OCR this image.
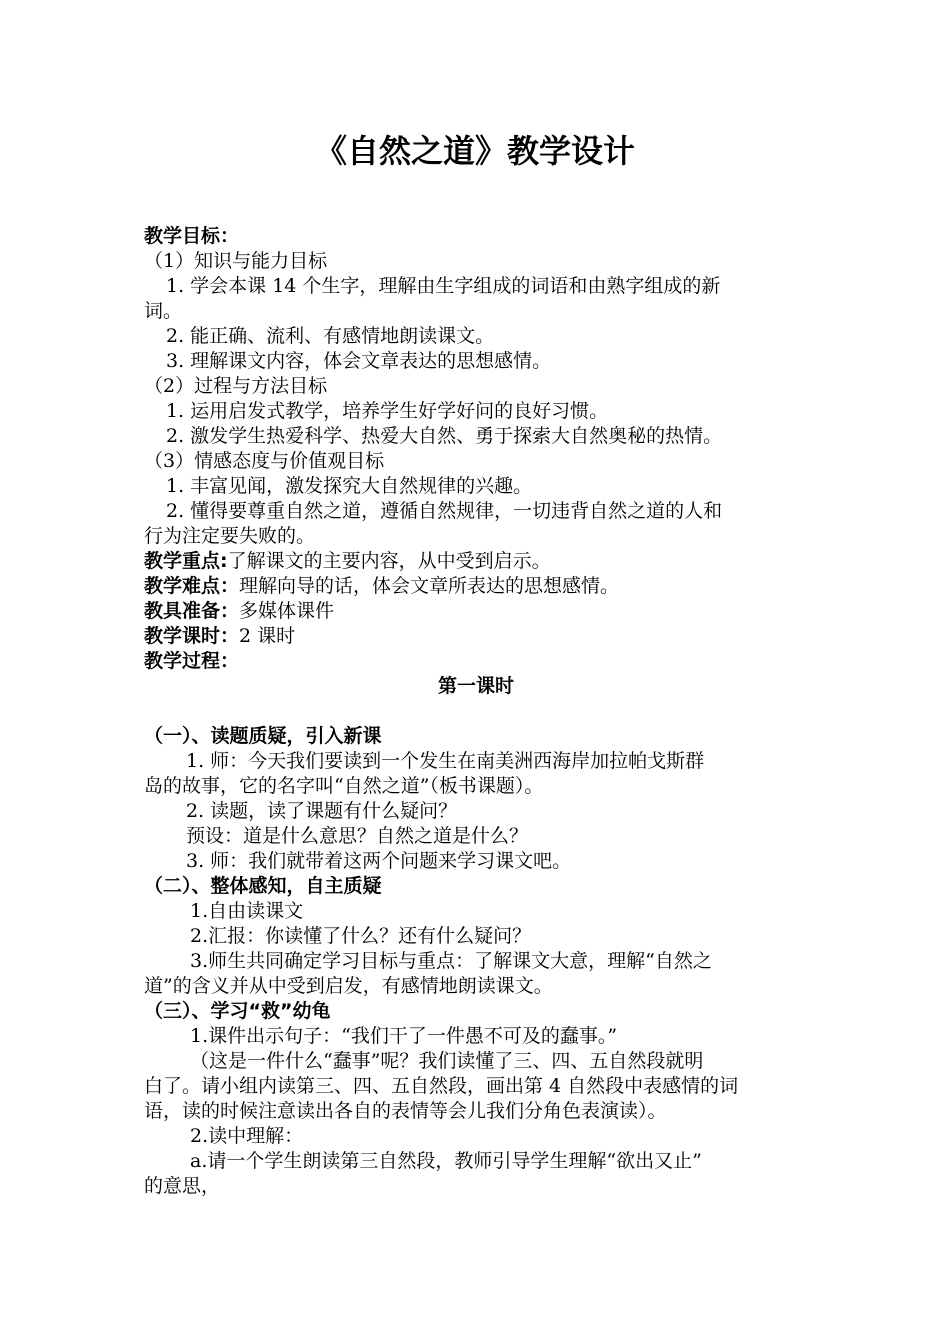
《自然之道》教学设计

教学目标：

（1）知识与能力目标

1. 学会本课 14 个生字，理解由生字组成的词语和由熟字组成的新

词。

2. 能正确、流利、有感情地朗读课文。

3. 理解课文内容，体会文章表达的思想感情。

（2）过程与方法目标

1. 运用启发式教学，培养学生好学好问的良好习惯。

2. 激发学生热爱科学、热爱大自然、勇于探索大自然奥秘的热情。

（3）情感态度与价值观目标

1. 丰富见闻，激发探究大自然规律的兴趣。

2. 懂得要尊重自然之道，遵循自然规律，一切违背自然之道的人和

行为注定要失败的。

教学重点:了解课文的主要内容，从中受到启示。

教学难点：理解向导的话，体会文章所表达的思想感情。

教具准备：多媒体课件

教学课时：2 课时

教学过程：

第一课时

（一）、读题质疑，引入新课

1. 师：今天我们要读到一个发生在南美洲西海岸加拉帕戈斯群

岛的故事，它的名字叫“自然之道”（板书课题）。

2. 读题，读了课题有什么疑问？

预设：道是什么意思？自然之道是什么？

3. 师：我们就带着这两个问题来学习课文吧。

（二）、整体感知，自主质疑

1.自由读课文

2.汇报：你读懂了什么？还有什么疑问？

3.师生共同确定学习目标与重点：了解课文大意，理解“自然之

道”的含义并从中受到启发，有感情地朗读课文。

（三）、学习“救”幼龟

1.课件出示句子：“我们干了一件愚不可及的蠢事。”

（这是一件什么“蠢事”呢？我们读懂了三、四、五自然段就明

白了。请小组内读第三、四、五自然段，画出第 4 自然段中表感情的词

语，读的时候注意读出各自的表情等会儿我们分角色表演读）。

2.读中理解：

a.请一个学生朗读第三自然段，教师引导学生理解“欲出又止”

的意思，
